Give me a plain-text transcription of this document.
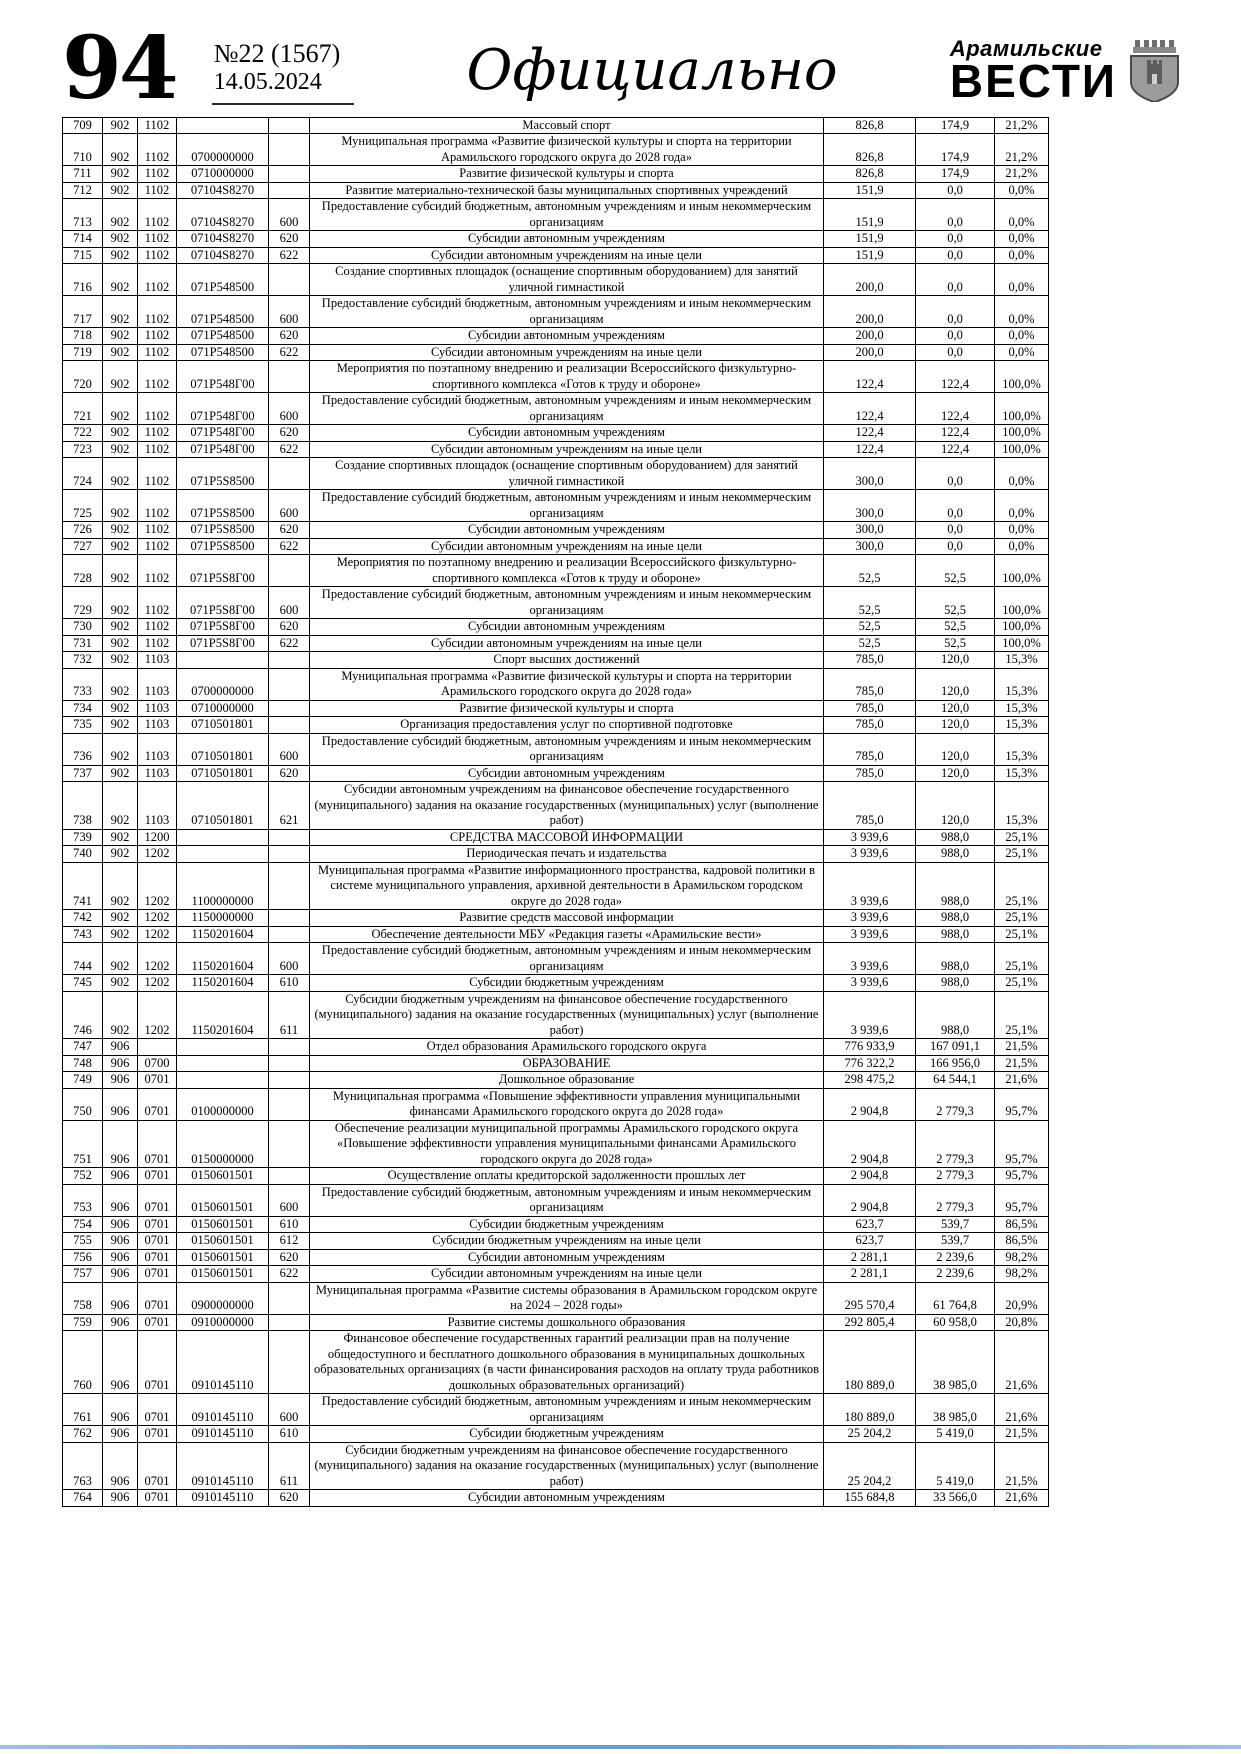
94 №22 (1567)
14.05.2024	Официально	Арамильские
ВЕСТИ
709	902	1102			Массовый спорт	826,8	174,9	21,2%
710	902	1102	0700000000		Муниципальная программа «Развитие физической культуры и спорта на территории Арамильского городского округа до 2028 года»	826,8	174,9	21,2%
711	902	1102	0710000000		Развитие физической культуры и спорта	826,8	174,9	21,2%
712	902	1102	07104S8270		Развитие материально-технической базы муниципальных спортивных учреждений	151,9	0,0	0,0%
713	902	1102	07104S8270	600	Предоставление субсидий бюджетным, автономным учреждениям и иным некоммерческим организациям	151,9	0,0	0,0%
714	902	1102	07104S8270	620	Субсидии автономным учреждениям	151,9	0,0	0,0%
715	902	1102	07104S8270	622	Субсидии автономным учреждениям на иные цели	151,9	0,0	0,0%
716	902	1102	071P548500		Создание спортивных площадок (оснащение спортивным оборудованием) для занятий уличной гимнастикой	200,0	0,0	0,0%
717	902	1102	071P548500	600	Предоставление субсидий бюджетным, автономным учреждениям и иным некоммерческим организациям	200,0	0,0	0,0%
718	902	1102	071P548500	620	Субсидии автономным учреждениям	200,0	0,0	0,0%
719	902	1102	071P548500	622	Субсидии автономным учреждениям на иные цели	200,0	0,0	0,0%
720	902	1102	071P548Г00		Мероприятия по поэтапному внедрению и реализации Всероссийского физкультурно-спортивного комплекса «Готов к труду и обороне»	122,4	122,4	100,0%
721	902	1102	071P548Г00	600	Предоставление субсидий бюджетным, автономным учреждениям и иным некоммерческим организациям	122,4	122,4	100,0%
722	902	1102	071P548Г00	620	Субсидии автономным учреждениям	122,4	122,4	100,0%
723	902	1102	071P548Г00	622	Субсидии автономным учреждениям на иные цели	122,4	122,4	100,0%
724	902	1102	071P5S8500		Создание спортивных площадок (оснащение спортивным оборудованием) для занятий уличной гимнастикой	300,0	0,0	0,0%
725	902	1102	071P5S8500	600	Предоставление субсидий бюджетным, автономным учреждениям и иным некоммерческим организациям	300,0	0,0	0,0%
726	902	1102	071P5S8500	620	Субсидии автономным учреждениям	300,0	0,0	0,0%
727	902	1102	071P5S8500	622	Субсидии автономным учреждениям на иные цели	300,0	0,0	0,0%
728	902	1102	071P5S8Г00		Мероприятия по поэтапному внедрению и реализации Всероссийского физкультурно-спортивного комплекса «Готов к труду и обороне»	52,5	52,5	100,0%
729	902	1102	071P5S8Г00	600	Предоставление субсидий бюджетным, автономным учреждениям и иным некоммерческим организациям	52,5	52,5	100,0%
730	902	1102	071P5S8Г00	620	Субсидии автономным учреждениям	52,5	52,5	100,0%
731	902	1102	071P5S8Г00	622	Субсидии автономным учреждениям на иные цели	52,5	52,5	100,0%
732	902	1103			Спорт высших достижений	785,0	120,0	15,3%
733	902	1103	0700000000		Муниципальная программа «Развитие физической культуры и спорта на территории Арамильского городского округа до 2028 года»	785,0	120,0	15,3%
734	902	1103	0710000000		Развитие физической культуры и спорта	785,0	120,0	15,3%
735	902	1103	0710501801		Организация предоставления услуг по спортивной подготовке	785,0	120,0	15,3%
736	902	1103	0710501801	600	Предоставление субсидий бюджетным, автономным учреждениям и иным некоммерческим организациям	785,0	120,0	15,3%
737	902	1103	0710501801	620	Субсидии автономным учреждениям	785,0	120,0	15,3%
738	902	1103	0710501801	621	Субсидии автономным учреждениям на финансовое обеспечение государственного (муниципального) задания на оказание государственных (муниципальных) услуг (выполнение работ)	785,0	120,0	15,3%
739	902	1200			СРЕДСТВА МАССОВОЙ ИНФОРМАЦИИ	3 939,6	988,0	25,1%
740	902	1202			Периодическая печать и издательства	3 939,6	988,0	25,1%
741	902	1202	1100000000		Муниципальная программа «Развитие информационного пространства, кадровой политики в системе муниципального управления, архивной деятельности в Арамильском городском округе до 2028 года»	3 939,6	988,0	25,1%
742	902	1202	1150000000		Развитие средств массовой информации	3 939,6	988,0	25,1%
743	902	1202	1150201604		Обеспечение деятельности МБУ «Редакция газеты «Арамильские вести»	3 939,6	988,0	25,1%
744	902	1202	1150201604	600	Предоставление субсидий бюджетным, автономным учреждениям и иным некоммерческим организациям	3 939,6	988,0	25,1%
745	902	1202	1150201604	610	Субсидии бюджетным учреждениям	3 939,6	988,0	25,1%
746	902	1202	1150201604	611	Субсидии бюджетным учреждениям на финансовое обеспечение государственного (муниципального) задания на оказание государственных (муниципальных) услуг (выполнение работ)	3 939,6	988,0	25,1%
747	906				Отдел образования Арамильского городского округа	776 933,9	167 091,1	21,5%
748	906	0700			ОБРАЗОВАНИЕ	776 322,2	166 956,0	21,5%
749	906	0701			Дошкольное образование	298 475,2	64 544,1	21,6%
750	906	0701	0100000000		Муниципальная программа «Повышение эффективности управления муниципальными финансами Арамильского городского округа до 2028 года»	2 904,8	2 779,3	95,7%
751	906	0701	0150000000		Обеспечение реализации муниципальной программы Арамильского городского округа «Повышение эффективности управления муниципальными финансами Арамильского городского округа до 2028 года»	2 904,8	2 779,3	95,7%
752	906	0701	0150601501		Осуществление оплаты кредиторской задолженности прошлых лет	2 904,8	2 779,3	95,7%
753	906	0701	0150601501	600	Предоставление субсидий бюджетным, автономным учреждениям и иным некоммерческим организациям	2 904,8	2 779,3	95,7%
754	906	0701	0150601501	610	Субсидии бюджетным учреждениям	623,7	539,7	86,5%
755	906	0701	0150601501	612	Субсидии бюджетным учреждениям на иные цели	623,7	539,7	86,5%
756	906	0701	0150601501	620	Субсидии автономным учреждениям	2 281,1	2 239,6	98,2%
757	906	0701	0150601501	622	Субсидии автономным учреждениям на иные цели	2 281,1	2 239,6	98,2%
758	906	0701	0900000000		Муниципальная программа «Развитие системы образования в Арамильском городском округе на 2024 – 2028 годы»	295 570,4	61 764,8	20,9%
759	906	0701	0910000000		Развитие системы дошкольного образования	292 805,4	60 958,0	20,8%
760	906	0701	0910145110		Финансовое обеспечение государственных гарантий реализации прав на получение общедоступного и бесплатного дошкольного образования в муниципальных дошкольных образовательных организациях (в части финансирования расходов на оплату труда работников дошкольных образовательных организаций)	180 889,0	38 985,0	21,6%
761	906	0701	0910145110	600	Предоставление субсидий бюджетным, автономным учреждениям и иным некоммерческим организациям	180 889,0	38 985,0	21,6%
762	906	0701	0910145110	610	Субсидии бюджетным учреждениям	25 204,2	5 419,0	21,5%
763	906	0701	0910145110	611	Субсидии бюджетным учреждениям на финансовое обеспечение государственного (муниципального) задания на оказание государственных (муниципальных) услуг (выполнение работ)	25 204,2	5 419,0	21,5%
764	906	0701	0910145110	620	Субсидии автономным учреждениям	155 684,8	33 566,0	21,6%
